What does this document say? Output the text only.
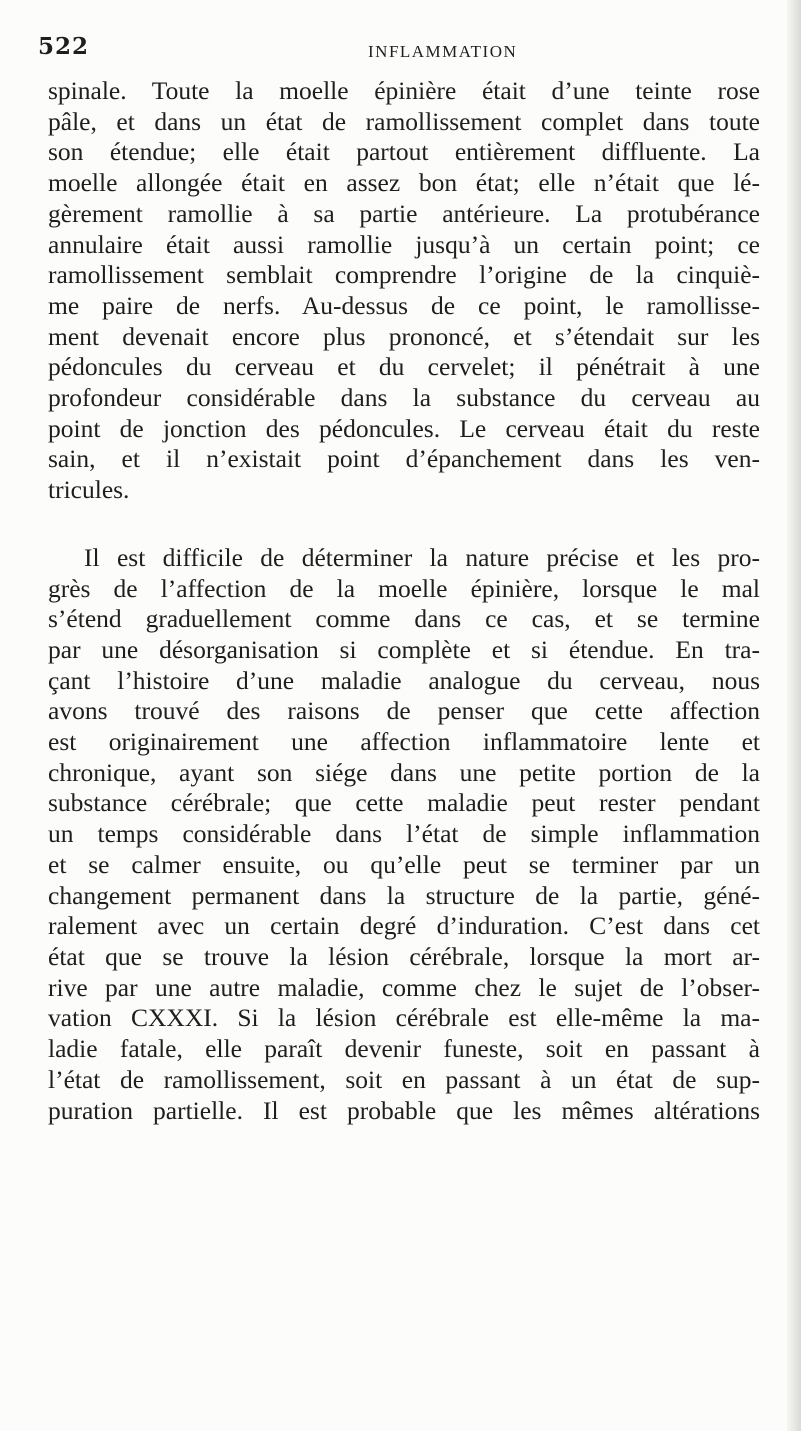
522	INFLAMMATION
spinale. Toute la moelle épinière était d’une teinte rose
pâle, et dans un état de ramollissement complet dans toute
son étendue; elle était partout entièrement diffluente. La
moelle allongée était en assez bon état; elle n’était que lé-
gèrement ramollie à sa partie antérieure. La protubérance
annulaire était aussi ramollie jusqu’à un certain point; ce
ramollissement semblait comprendre l’origine de la cinquiè-
me paire de nerfs. Au-dessus de ce point, le ramollisse-
ment devenait encore plus prononcé, et s’étendait sur les
pédoncules du cerveau et du cervelet; il pénétrait à une
profondeur considérable dans la substance du cerveau au
point de jonction des pédoncules. Le cerveau était du reste
sain, et il n’existait point d’épanchement dans les ven-
tricules.
Il est difficile de déterminer la nature précise et les pro-
grès de l’affection de la moelle épinière, lorsque le mal
s’étend graduellement comme dans ce cas, et se termine
par une désorganisation si complète et si étendue. En tra-
çant l’histoire d’une maladie analogue du cerveau, nous
avons trouvé des raisons de penser que cette affection
est originairement une affection inflammatoire lente et
chronique, ayant son siége dans une petite portion de la
substance cérébrale; que cette maladie peut rester pendant
un temps considérable dans l’état de simple inflammation
et se calmer ensuite, ou qu’elle peut se terminer par un
changement permanent dans la structure de la partie, géné-
ralement avec un certain degré d’induration. C’est dans cet
état que se trouve la lésion cérébrale, lorsque la mort ar-
rive par une autre maladie, comme chez le sujet de l’obser-
vation CXXXI. Si la lésion cérébrale est elle-même la ma-
ladie fatale, elle paraît devenir funeste, soit en passant à
l’état de ramollissement, soit en passant à un état de sup-
puration partielle. Il est probable que les mêmes altérations
